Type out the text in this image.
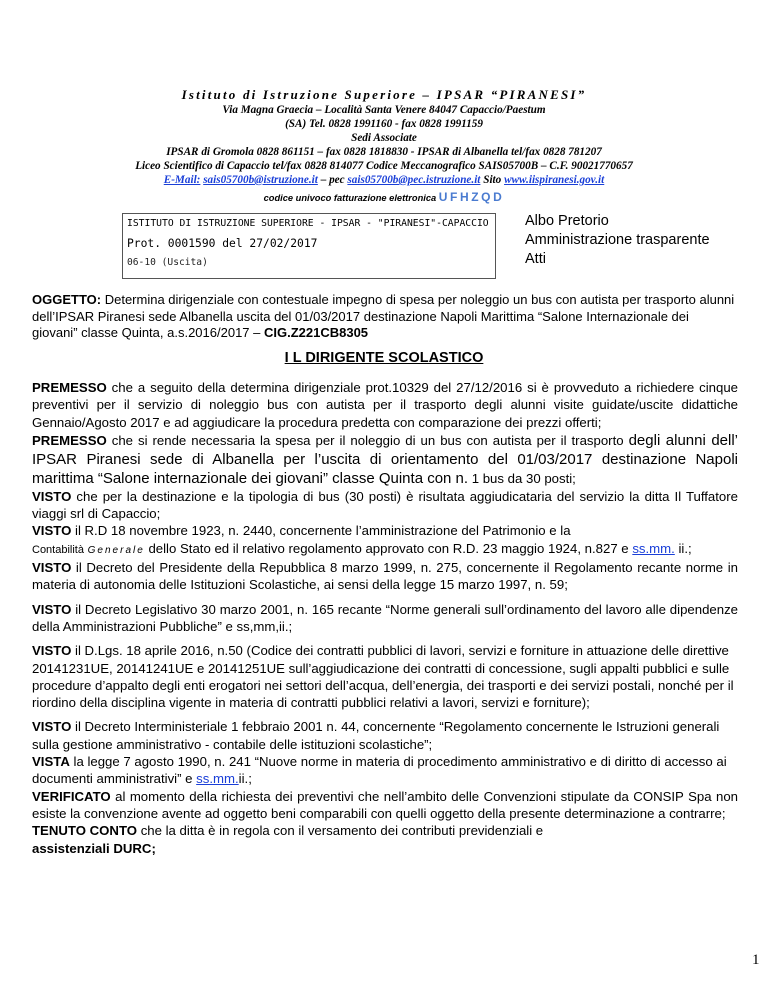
Istituto di Istruzione Superiore – IPSAR “PIRANESI”
Via Magna Graecia – Località Santa Venere 84047 Capaccio/Paestum
(SA) Tel. 0828 1991160 - fax 0828 1991159
Sedi Associate
IPSAR di Gromola 0828 861151 – fax 0828 1818830 - IPSAR di Albanella tel/fax 0828 781207
Liceo Scientifico di Capaccio tel/fax 0828 814077 Codice Meccanografico SAIS05700B – C.F. 90021770657
E-Mail: sais05700b@istruzione.it – pec sais05700b@pec.istruzione.it Sito www.iispiranesi.gov.it
codice univoco fatturazione elettronica UFHZQD
ISTITUTO DI ISTRUZIONE SUPERIORE - IPSAR - "PIRANESI"-CAPACCIO
Prot. 0001590 del 27/02/2017
06-10 (Uscita)
Albo Pretorio
Amministrazione trasparente
Atti
OGGETTO: Determina dirigenziale con contestuale impegno di spesa per noleggio un bus con autista per trasporto alunni dell’IPSAR Piranesi sede Albanella uscita del 01/03/2017 destinazione Napoli Marittima “Salone Internazionale dei giovani” classe Quinta, a.s.2016/2017 – CIG.Z221CB8305
I L DIRIGENTE SCOLASTICO

PREMESSO che a seguito della determina dirigenziale prot.10329 del 27/12/2016 si è provveduto a richiedere cinque preventivi per il servizio di noleggio bus con autista per il trasporto degli alunni visite guidate/uscite didattiche Gennaio/Agosto 2017 e ad aggiudicare la procedura predetta con comparazione dei prezzi offerti;

PREMESSO che si rende necessaria la spesa per il noleggio di un bus con autista per il trasporto degli alunni dell’ IPSAR Piranesi sede di Albanella per l’uscita di orientamento del 01/03/2017 destinazione Napoli marittima “Salone internazionale dei giovani” classe Quinta con n. 1 bus da 30 posti;

VISTO che per la destinazione e la tipologia di bus (30 posti) è risultata aggiudicataria del servizio la ditta Il Tuffatore viaggi srl di Capaccio;

VISTO il R.D 18 novembre 1923, n. 2440, concernente l’amministrazione del Patrimonio e la
Contabilità Generale dello Stato ed il relativo regolamento approvato con R.D. 23 maggio 1924, n.827 e ss.mm. ii.;

VISTO il Decreto del Presidente della Repubblica 8 marzo 1999, n. 275, concernente il Regolamento recante norme in materia di autonomia delle Istituzioni Scolastiche, ai sensi della legge 15 marzo 1997, n. 59;

VISTO il Decreto Legislativo 30 marzo 2001, n. 165 recante “Norme generali sull’ordinamento del lavoro alle dipendenze della Amministrazioni Pubbliche” e ss,mm,ii.;

VISTO il D.Lgs. 18 aprile 2016, n.50 (Codice dei contratti pubblici di lavori, servizi e forniture in attuazione delle direttive 20141231UE, 20141241UE e 20141251UE sull’aggiudicazione dei contratti di concessione, sugli appalti pubblici e sulle procedure d’appalto degli enti erogatori nei settori dell’acqua, dell’energia, dei trasporti e dei servizi postali, nonché per il riordino della disciplina vigente in materia di contratti pubblici relativi a lavori, servizi e forniture);

VISTO il Decreto Interministeriale 1 febbraio 2001 n. 44, concernente “Regolamento concernente le Istruzioni generali sulla gestione amministrativo - contabile delle istituzioni scolastiche”;

VISTA la legge 7 agosto 1990, n. 241 “Nuove norme in materia di procedimento amministrativo e di diritto di accesso ai documenti amministrativi” e ss.mm.ii.;

VERIFICATO al momento della richiesta dei preventivi che nell’ambito delle Convenzioni stipulate da CONSIP Spa non esiste la convenzione avente ad oggetto beni comparabili con quelli oggetto della presente determinazione a contrarre;

TENUTO CONTO che la ditta è in regola con il versamento dei contributi previdenziali e
assistenziali DURC;

1
